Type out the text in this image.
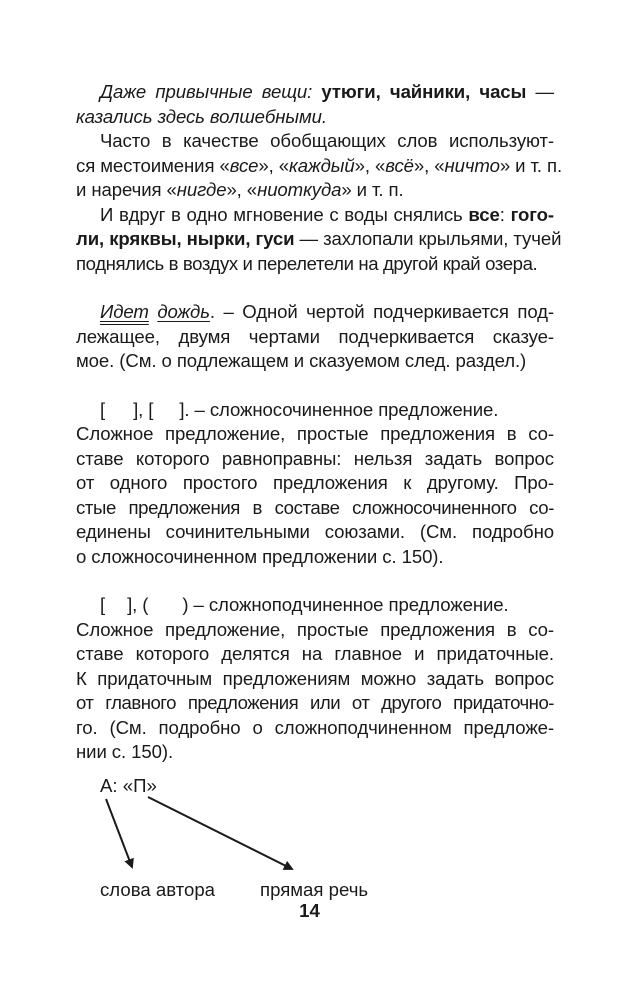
Даже привычные вещи: утюги, чайники, часы —
казались здесь волшебными.
Часто в качестве обобщающих слов используют-
ся местоимения «все», «каждый», «всё», «ничто» и т. п.
и наречия «нигде», «ниоткуда» и т. п.
И вдруг в одно мгновение с воды снялись все: гого-
ли, кряквы, нырки, гуси — захлопали крыльями, тучей
поднялись в воздух и перелетели на другой край озера.
Идет дождь. – Одной чертой подчеркивается под-
лежащее, двумя чертами подчеркивается сказуе-
мое. (См. о подлежащем и сказуемом след. раздел.)
[ ], [ ]. – сложносочиненное предложение.
Сложное предложение, простые предложения в со-
ставе которого равноправны: нельзя задать вопрос
от одного простого предложения к другому. Про-
стые предложения в составе сложносочиненного со-
единены сочинительными союзами. (См. подробно
о сложносочиненном предложении с. 150).
[ ], ( ) – сложноподчиненное предложение.
Сложное предложение, простые предложения в со-
ставе которого делятся на главное и придаточные.
К придаточным предложениям можно задать вопрос
от главного предложения или от другого придаточно-
го. (См. подробно о сложноподчиненном предложе-
нии с. 150).
А: «П»
слова автора прямая речь
14
